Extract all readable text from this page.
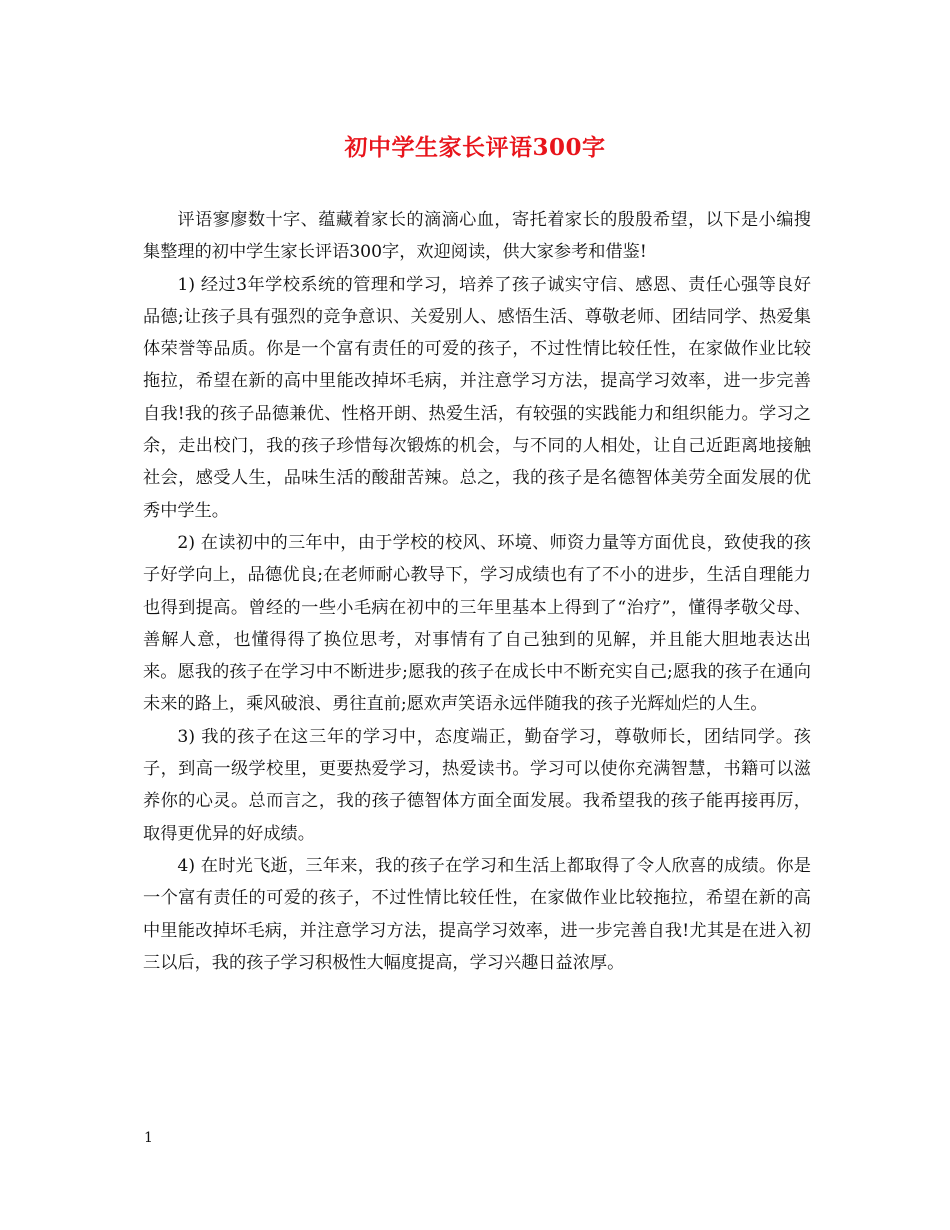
初中学生家长评语300字

评语寥廖数十字、蕴藏着家长的滴滴心血，寄托着家长的殷殷希望，以下是小编搜集整理的初中学生家长评语300字，欢迎阅读，供大家参考和借鉴!

1) 经过3年学校系统的管理和学习，培养了孩子诚实守信、感恩、责任心强等良好品德;让孩子具有强烈的竞争意识、关爱别人、感悟生活、尊敬老师、团结同学、热爱集体荣誉等品质。你是一个富有责任的可爱的孩子，不过性情比较任性，在家做作业比较拖拉，希望在新的高中里能改掉坏毛病，并注意学习方法，提高学习效率，进一步完善自我!我的孩子品德兼优、性格开朗、热爱生活，有较强的实践能力和组织能力。学习之余，走出校门，我的孩子珍惜每次锻炼的机会，与不同的人相处，让自己近距离地接触社会，感受人生，品味生活的酸甜苦辣。总之，我的孩子是名德智体美劳全面发展的优秀中学生。

2) 在读初中的三年中，由于学校的校风、环境、师资力量等方面优良，致使我的孩子好学向上，品德优良;在老师耐心教导下，学习成绩也有了不小的进步，生活自理能力也得到提高。曾经的一些小毛病在初中的三年里基本上得到了“治疗”，懂得孝敬父母、善解人意，也懂得得了换位思考，对事情有了自己独到的见解，并且能大胆地表达出来。愿我的孩子在学习中不断进步;愿我的孩子在成长中不断充实自己;愿我的孩子在通向未来的路上，乘风破浪、勇往直前;愿欢声笑语永远伴随我的孩子光辉灿烂的人生。

3) 我的孩子在这三年的学习中，态度端正，勤奋学习，尊敬师长，团结同学。孩子，到高一级学校里，更要热爱学习，热爱读书。学习可以使你充满智慧，书籍可以滋养你的心灵。总而言之，我的孩子德智体方面全面发展。我希望我的孩子能再接再厉，取得更优异的好成绩。

4) 在时光飞逝，三年来，我的孩子在学习和生活上都取得了令人欣喜的成绩。你是一个富有责任的可爱的孩子，不过性情比较任性，在家做作业比较拖拉，希望在新的高中里能改掉坏毛病，并注意学习方法，提高学习效率，进一步完善自我!尤其是在进入初三以后，我的孩子学习积极性大幅度提高，学习兴趣日益浓厚。

1
